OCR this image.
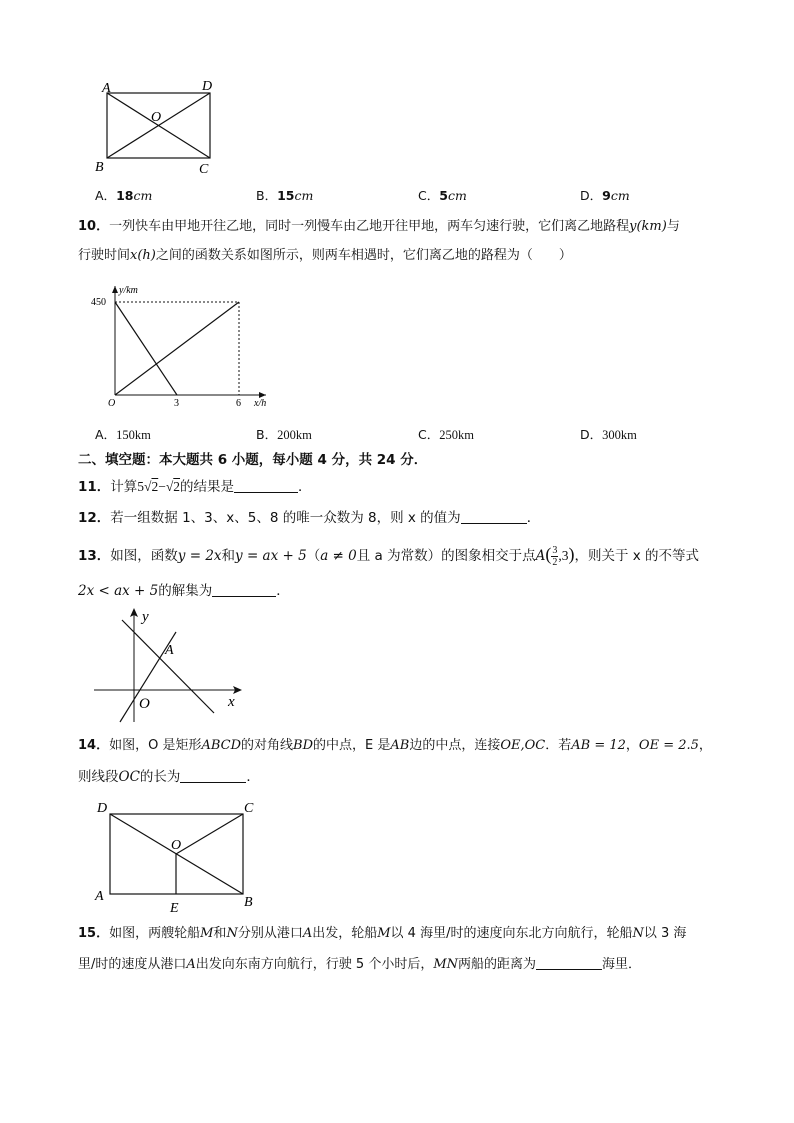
A	D
O
B	C
A．18cm	B．15cm	C．5cm	D．9cm
10．一列快车由甲地开往乙地，同时一列慢车由乙地开往甲地，两车匀速行驶，它们离乙地路程y(km)与
行驶时间x(h)之间的函数关系如图所示，则两车相遇时，它们离乙地的路程为（　　）
y/km
450
O	3	6 x/h
A．150km	B．200km	C．250km	D．300km
二、填空题：本大题共 6 小题，每小题 4 分，共 24 分．
11．计算5√2−√2的结果是	．
12．若一组数据 1、3、x、5、8 的唯一众数为 8，则 x 的值为	．
13．如图，函数y = 2x和y = ax + 5（a ≠ 0且 a 为常数）的图象相交于点$A( \frac{3}{2} ,3)$，则关于 x 的不等式
2x < ax + 5的解集为	．
y
x
A
O
14．如图，O 是矩形ABCD的对角线BD的中点，E 是AB边的中点，连接OE,OC．若AB = 12，OE = 2.5，
则线段OC的长为	．
D	C
O
A	B
E
15．如图，两艘轮船M和N分别从港口A出发，轮船M以 4 海里/时的速度向东北方向航行，轮船N以 3 海
里/时的速度从港口A出发向东南方向航行，行驶 5 个小时后，MN两船的距离为	海里．
